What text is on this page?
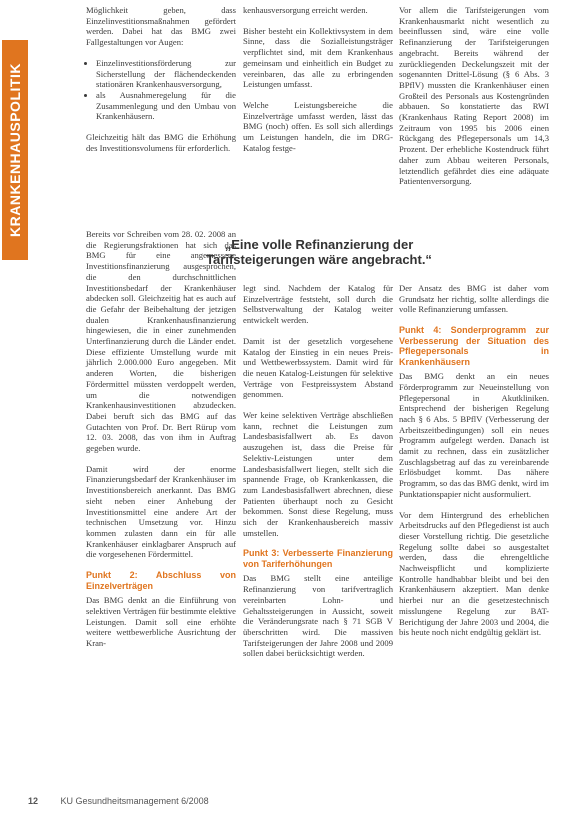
KRANKENHAUSPOLITIK

Möglichkeit geben, dass Einzelinvestitionsmaßnahmen gefördert werden. Dabei hat das BMG zwei Fallgestaltungen vor Augen:

• Einzelinvestitionsförderung zur Sicherstellung der flächendeckenden stationären Krankenhausversorgung,
• als Ausnahmeregelung für die Zusammenlegung und den Umbau von Krankenhäusern.

Gleichzeitig hält das BMG die Erhöhung des Investitionsvolumens für erforderlich.

kenhausversorgung erreicht werden.

Bisher besteht ein Kollektivsystem in dem Sinne, dass die Sozialleistungsträger verpflichtet sind, mit dem Krankenhaus gemeinsam und einheitlich ein Budget zu vereinbaren, das alle zu erbringenden Leistungen umfasst.

Welche Leistungsbereiche die Einzelverträge umfasst werden, lässt das BMG (noch) offen. Es soll sich allerdings um Leistungen handeln, die im DRG-Katalog festge-

Vor allem die Tarifsteigerungen vom Krankenhausmarkt nicht wesentlich zu beeinflussen sind, wäre eine volle Refinanzierung der Tarifsteigerungen angebracht. Bereits während der zurückliegenden Deckelungszeit mit der sogenannten Drittel-Lösung (§ 6 Abs. 3 BPflV) mussten die Krankenhäuser einen Großteil des Personals aus Kostengründen abbauen. So konstatierte das RWI (Krankenhaus Rating Report 2008) im Zeitraum von 1995 bis 2006 einen Rückgang des Pflegepersonals um 14,3 Prozent. Der erhebliche Kostendruck führt daher zum Abbau weiteren Personals, letztendlich gefährdet dies eine adäquate Patientenversorgung.

„Eine volle Refinanzierung der Tarifsteigerungen wäre angebracht.“

Bereits vor Schreiben vom 28. 02. 2008 an die Regierungsfraktionen hat sich das BMG für eine angemessene Investitionsfinanzierung ausgesprochen, die den durchschnittlichen Investitionsbedarf der Krankenhäuser abdecken soll. Gleichzeitig hat es auch auf die Gefahr der Beibehaltung der jetzigen dualen Krankenhausfinanzierung hingewiesen, die in einer zunehmenden Unterfinanzierung durch die Länder endet. Diese effiziente Umstellung wurde mit jährlich 2.000.000 Euro angegeben. Mit anderen Worten, die bisherigen Fördermittel müssten verdoppelt werden, um die notwendigen Krankenhausinvestitionen abzudecken. Dabei beruft sich das BMG auf das Gutachten von Prof. Dr. Bert Rürup vom 12. 03. 2008, das von ihm in Auftrag gegeben wurde.

Damit wird der enorme Finanzierungsbedarf der Krankenhäuser im Investitionsbereich anerkannt. Das BMG sieht neben einer Anhebung der Investitionsmittel eine andere Art der technischen Umsetzung vor. Hinzu kommen zulasten dann ein für alle Krankenhäuser einklagbarer Anspruch auf die vorgesehenen Fördermittel.

Punkt 2: Abschluss von Einzelverträgen

Das BMG denkt an die Einführung von selektiven Verträgen für bestimmte elektive Leistungen. Damit soll eine erhöhte weitere wettbewerbliche Ausrichtung der Kran-

legt sind. Nachdem der Katalog für Einzelverträge feststeht, soll durch die Selbstverwaltung der Katalog weiter entwickelt werden.

Damit ist der gesetzlich vorgesehene Katalog der Einstieg in ein neues Preis- und Wettbewerbssystem. Damit wird für die neuen Katalog-Leistungen für selektive Verträge von Festpreissystem Abstand genommen.

Wer keine selektiven Verträge abschließen kann, rechnet die Leistungen zum Landesbasisfallwert ab. Es davon auszugehen ist, dass die Preise für Selektiv-Leistungen unter dem Landesbasisfallwert liegen, stellt sich die spannende Frage, ob Krankenkassen, die zum Landesbasisfallwert abrechnen, diese Patienten überhaupt noch zu Gesicht bekommen. Sonst diese Regelung, muss sich der Krankenhausbereich massiv umstellen.

Punkt 3: Verbesserte Finanzierung von Tariferhöhungen

Das BMG stellt eine anteilige Refinanzierung von tarifvertraglich vereinbarten Lohn- und Gehaltssteigerungen in Aussicht, soweit die Veränderungsrate nach § 71 SGB V überschritten wird. Die massiven Tarifsteigerungen der Jahre 2008 und 2009 sollen dabei berücksichtigt werden.

Der Ansatz des BMG ist daher vom Grundsatz her richtig, sollte allerdings die volle Refinanzierung umfassen.

Punkt 4: Sonderprogramm zur Verbesserung der Situation des Pflegepersonals in Krankenhäusern

Das BMG denkt an ein neues Förderprogramm zur Neueinstellung von Pflegepersonal in Akutkliniken. Entsprechend der bisherigen Regelung nach § 6 Abs. 5 BPflV (Verbesserung der Arbeitszeitbedingungen) soll ein neues Programm aufgelegt werden. Danach ist damit zu rechnen, dass ein zusätzlicher Zuschlagsbetrag auf das zu vereinbarende Erlösbudget kommt. Das nähere Programm, so das das BMG denkt, wird im Punktationspapier nicht ausformuliert.

Vor dem Hintergrund des erheblichen Arbeitsdrucks auf den Pflegedienst ist auch dieser Vorstellung richtig. Die gesetzliche Regelung sollte dabei so ausgestaltet werden, dass die ehrengeltliche Nachweispflicht und komplizierte Kontrolle handhabbar bleibt und bei den Krankenhäusern akzeptiert. Man denke hierbei nur an die gesetzestechnisch misslungene Regelung zur BAT-Berichtigung der Jahre 2003 und 2004, die bis heute noch nicht endgültig geklärt ist.

12	KU Gesundheitsmanagement 6/2008
